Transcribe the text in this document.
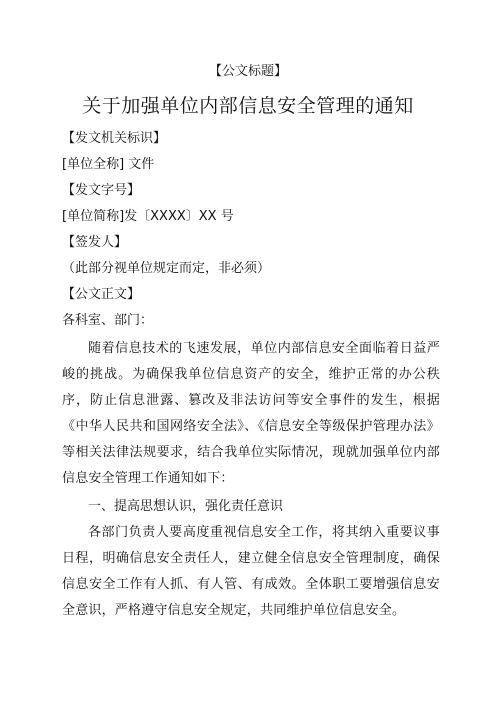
【公文标题】
关于加强单位内部信息安全管理的通知
【发文机关标识】
[单位全称] 文件
【发文字号】
[单位简称]发〔XXXX〕XX 号
【签发人】
（此部分视单位规定而定，非必须）
【公文正文】
各科室、部门：
随着信息技术的飞速发展，单位内部信息安全面临着日益严峻的挑战。为确保我单位信息资产的安全，维护正常的办公秩序，防止信息泄露、篡改及非法访问等安全事件的发生，根据《中华人民共和国网络安全法》、《信息安全等级保护管理办法》等相关法律法规要求，结合我单位实际情况，现就加强单位内部信息安全管理工作通知如下：
一、提高思想认识，强化责任意识
各部门负责人要高度重视信息安全工作，将其纳入重要议事日程，明确信息安全责任人，建立健全信息安全管理制度，确保信息安全工作有人抓、有人管、有成效。全体职工要增强信息安全意识，严格遵守信息安全规定，共同维护单位信息安全。
